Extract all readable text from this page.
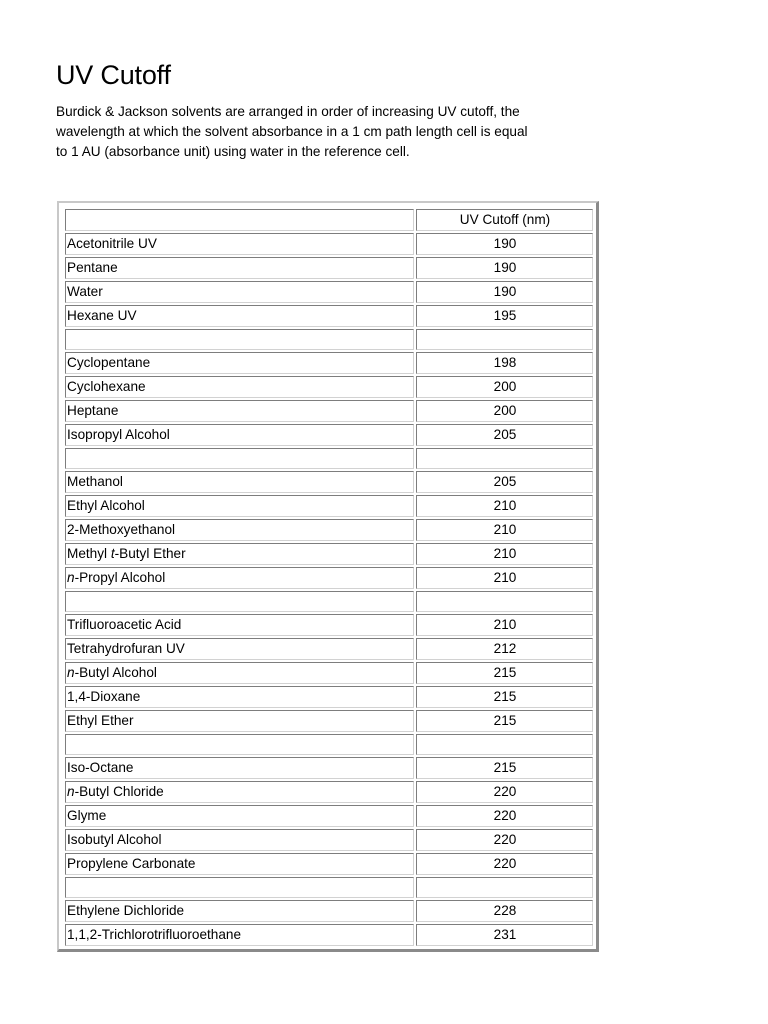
UV Cutoff

Burdick & Jackson solvents are arranged in order of increasing UV cutoff, the
wavelength at which the solvent absorbance in a 1 cm path length cell is equal
to 1 AU (absorbance unit) using water in the reference cell.

	UV Cutoff (nm)
Acetonitrile UV	190
Pentane	190
Water	190
Hexane UV	195

Cyclopentane	198
Cyclohexane	200
Heptane	200
Isopropyl Alcohol	205

Methanol	205
Ethyl Alcohol	210
2-Methoxyethanol	210
Methyl t-Butyl Ether	210
n-Propyl Alcohol	210

Trifluoroacetic Acid	210
Tetrahydrofuran UV	212
n-Butyl Alcohol	215
1,4-Dioxane	215
Ethyl Ether	215

Iso-Octane	215
n-Butyl Chloride	220
Glyme	220
Isobutyl Alcohol	220
Propylene Carbonate	220

Ethylene Dichloride	228
1,1,2-Trichlorotrifluoroethane	231
